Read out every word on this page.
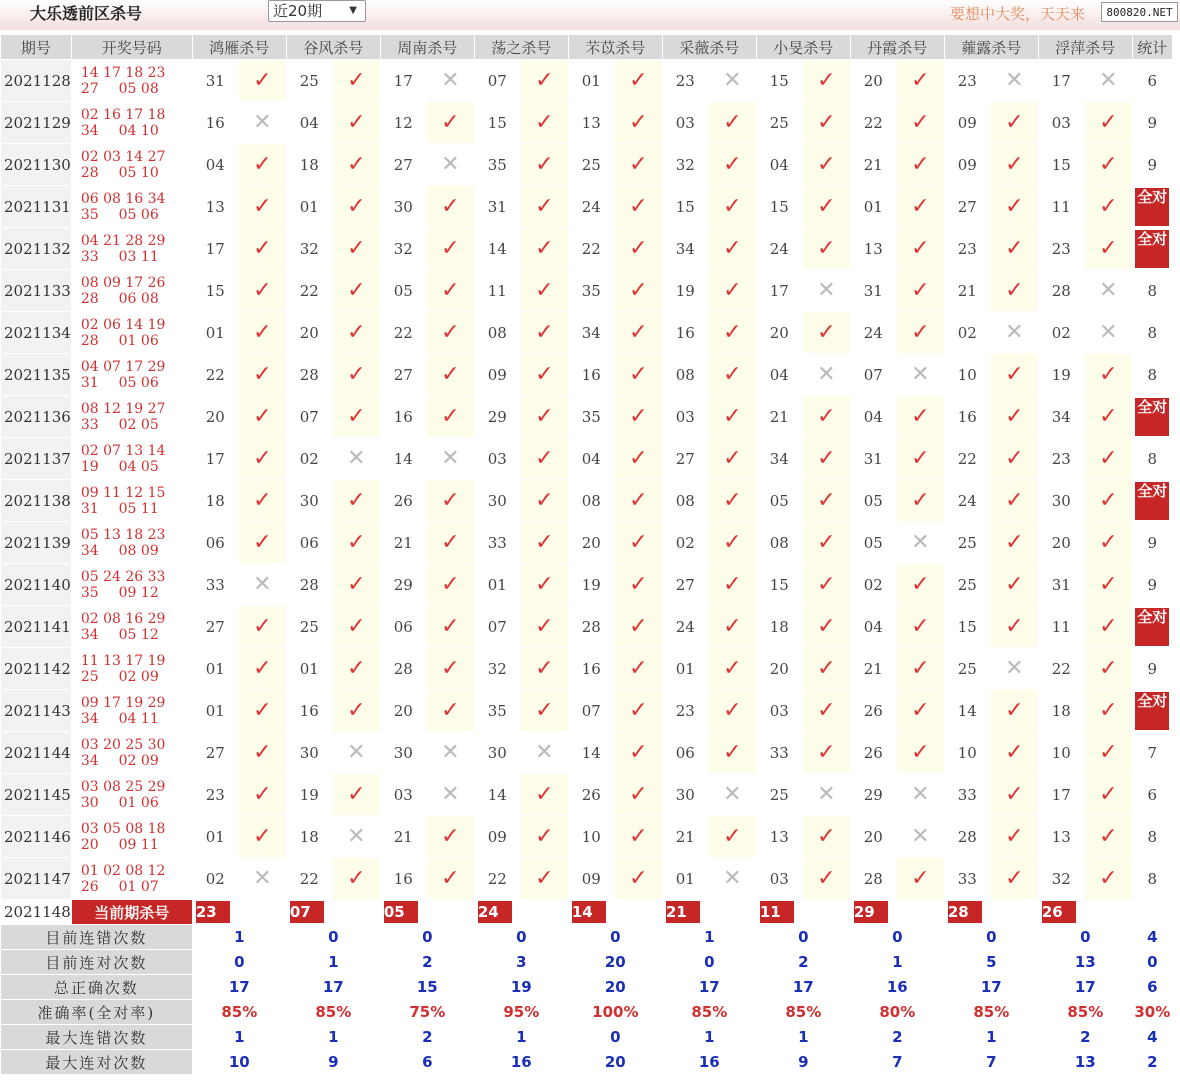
大乐透前区杀号	近20期	▼	要想中大奖，天天来	800820.NET
期号	开奖号码	鸿雁杀号		谷风杀号		周南杀号		荡之杀号		芣苡杀号		采薇杀号		小旻杀号		丹霞杀号		蕹露杀号		浮萍杀号		统计
2021128	14 17 18 23
27 05 08	31	✓	25	✓	17	✕	07	✓	01	✓	23	✕	15	✓	20	✓	23	✕	17	✕	6
2021129	02 16 17 18
34 04 10	16	✕	04	✓	12	✓	15	✓	13	✓	03	✓	25	✓	22	✓	09	✓	03	✓	9
2021130	02 03 14 27
28 05 10	04	✓	18	✓	27	✕	35	✓	25	✓	32	✓	04	✓	21	✓	09	✓	15	✓	9
2021131	06 08 16 34
35 05 06	13	✓	01	✓	30	✓	31	✓	24	✓	15	✓	15	✓	01	✓	27	✓	11	✓	全对
2021132	04 21 28 29
33 03 11	17	✓	32	✓	32	✓	14	✓	22	✓	34	✓	24	✓	13	✓	23	✓	23	✓	全对
2021133	08 09 17 26
28 06 08	15	✓	22	✓	05	✓	11	✓	35	✓	19	✓	17	✕	31	✓	21	✓	28	✕	8
2021134	02 06 14 19
28 01 06	01	✓	20	✓	22	✓	08	✓	34	✓	16	✓	20	✓	24	✓	02	✕	02	✕	8
2021135	04 07 17 29
31 05 06	22	✓	28	✓	27	✓	09	✓	16	✓	08	✓	04	✕	07	✕	10	✓	19	✓	8
2021136	08 12 19 27
33 02 05	20	✓	07	✓	16	✓	29	✓	35	✓	03	✓	21	✓	04	✓	16	✓	34	✓	全对
2021137	02 07 13 14
19 04 05	17	✓	02	✕	14	✕	03	✓	04	✓	27	✓	34	✓	31	✓	22	✓	23	✓	8
2021138	09 11 12 15
31 05 11	18	✓	30	✓	26	✓	30	✓	08	✓	08	✓	05	✓	05	✓	24	✓	30	✓	全对
2021139	05 13 18 23
34 08 09	06	✓	06	✓	21	✓	33	✓	20	✓	02	✓	08	✓	05	✕	25	✓	20	✓	9
2021140	05 24 26 33
35 09 12	33	✕	28	✓	29	✓	01	✓	19	✓	27	✓	15	✓	02	✓	25	✓	31	✓	9
2021141	02 08 16 29
34 05 12	27	✓	25	✓	06	✓	07	✓	28	✓	24	✓	18	✓	04	✓	15	✓	11	✓	全对
2021142	11 13 17 19
25 02 09	01	✓	01	✓	28	✓	32	✓	16	✓	01	✓	20	✓	21	✓	25	✕	22	✓	9
2021143	09 17 19 29
34 04 11	01	✓	16	✓	20	✓	35	✓	07	✓	23	✓	03	✓	26	✓	14	✓	18	✓	全对
2021144	03 20 25 30
34 02 09	27	✓	30	✕	30	✕	30	✕	14	✓	06	✓	33	✓	26	✓	10	✓	10	✓	7
2021145	03 08 25 29
30 01 06	23	✓	19	✓	03	✕	14	✓	26	✓	30	✕	25	✕	29	✕	33	✓	17	✓	6
2021146	03 05 08 18
20 09 11	01	✓	18	✕	21	✓	09	✓	10	✓	21	✓	13	✓	20	✕	28	✓	13	✓	8
2021147	01 02 08 12
26 01 07	02	✕	22	✓	16	✓	22	✓	09	✓	01	✕	03	✓	28	✓	33	✓	32	✓	8
2021148	当前期杀号	23		07		05		24		14		21		11		29		28		26		
目前连错次数		1		0		0		0		0		1		0		0		0		0		4
目前连对次数		0		1		2		3		20		0		2		1		5		13		0
总正确次数		17		17		15		19		20		17		17		16		17		17		6
准确率(全对率)		85%		85%		75%		95%		100%		85%		85%		80%		85%		85%		30%
最大连错次数		1		1		2		1		0		1		1		2		1		2		4
最大连对次数		10		9		6		16		20		16		9		7		7		13		2
